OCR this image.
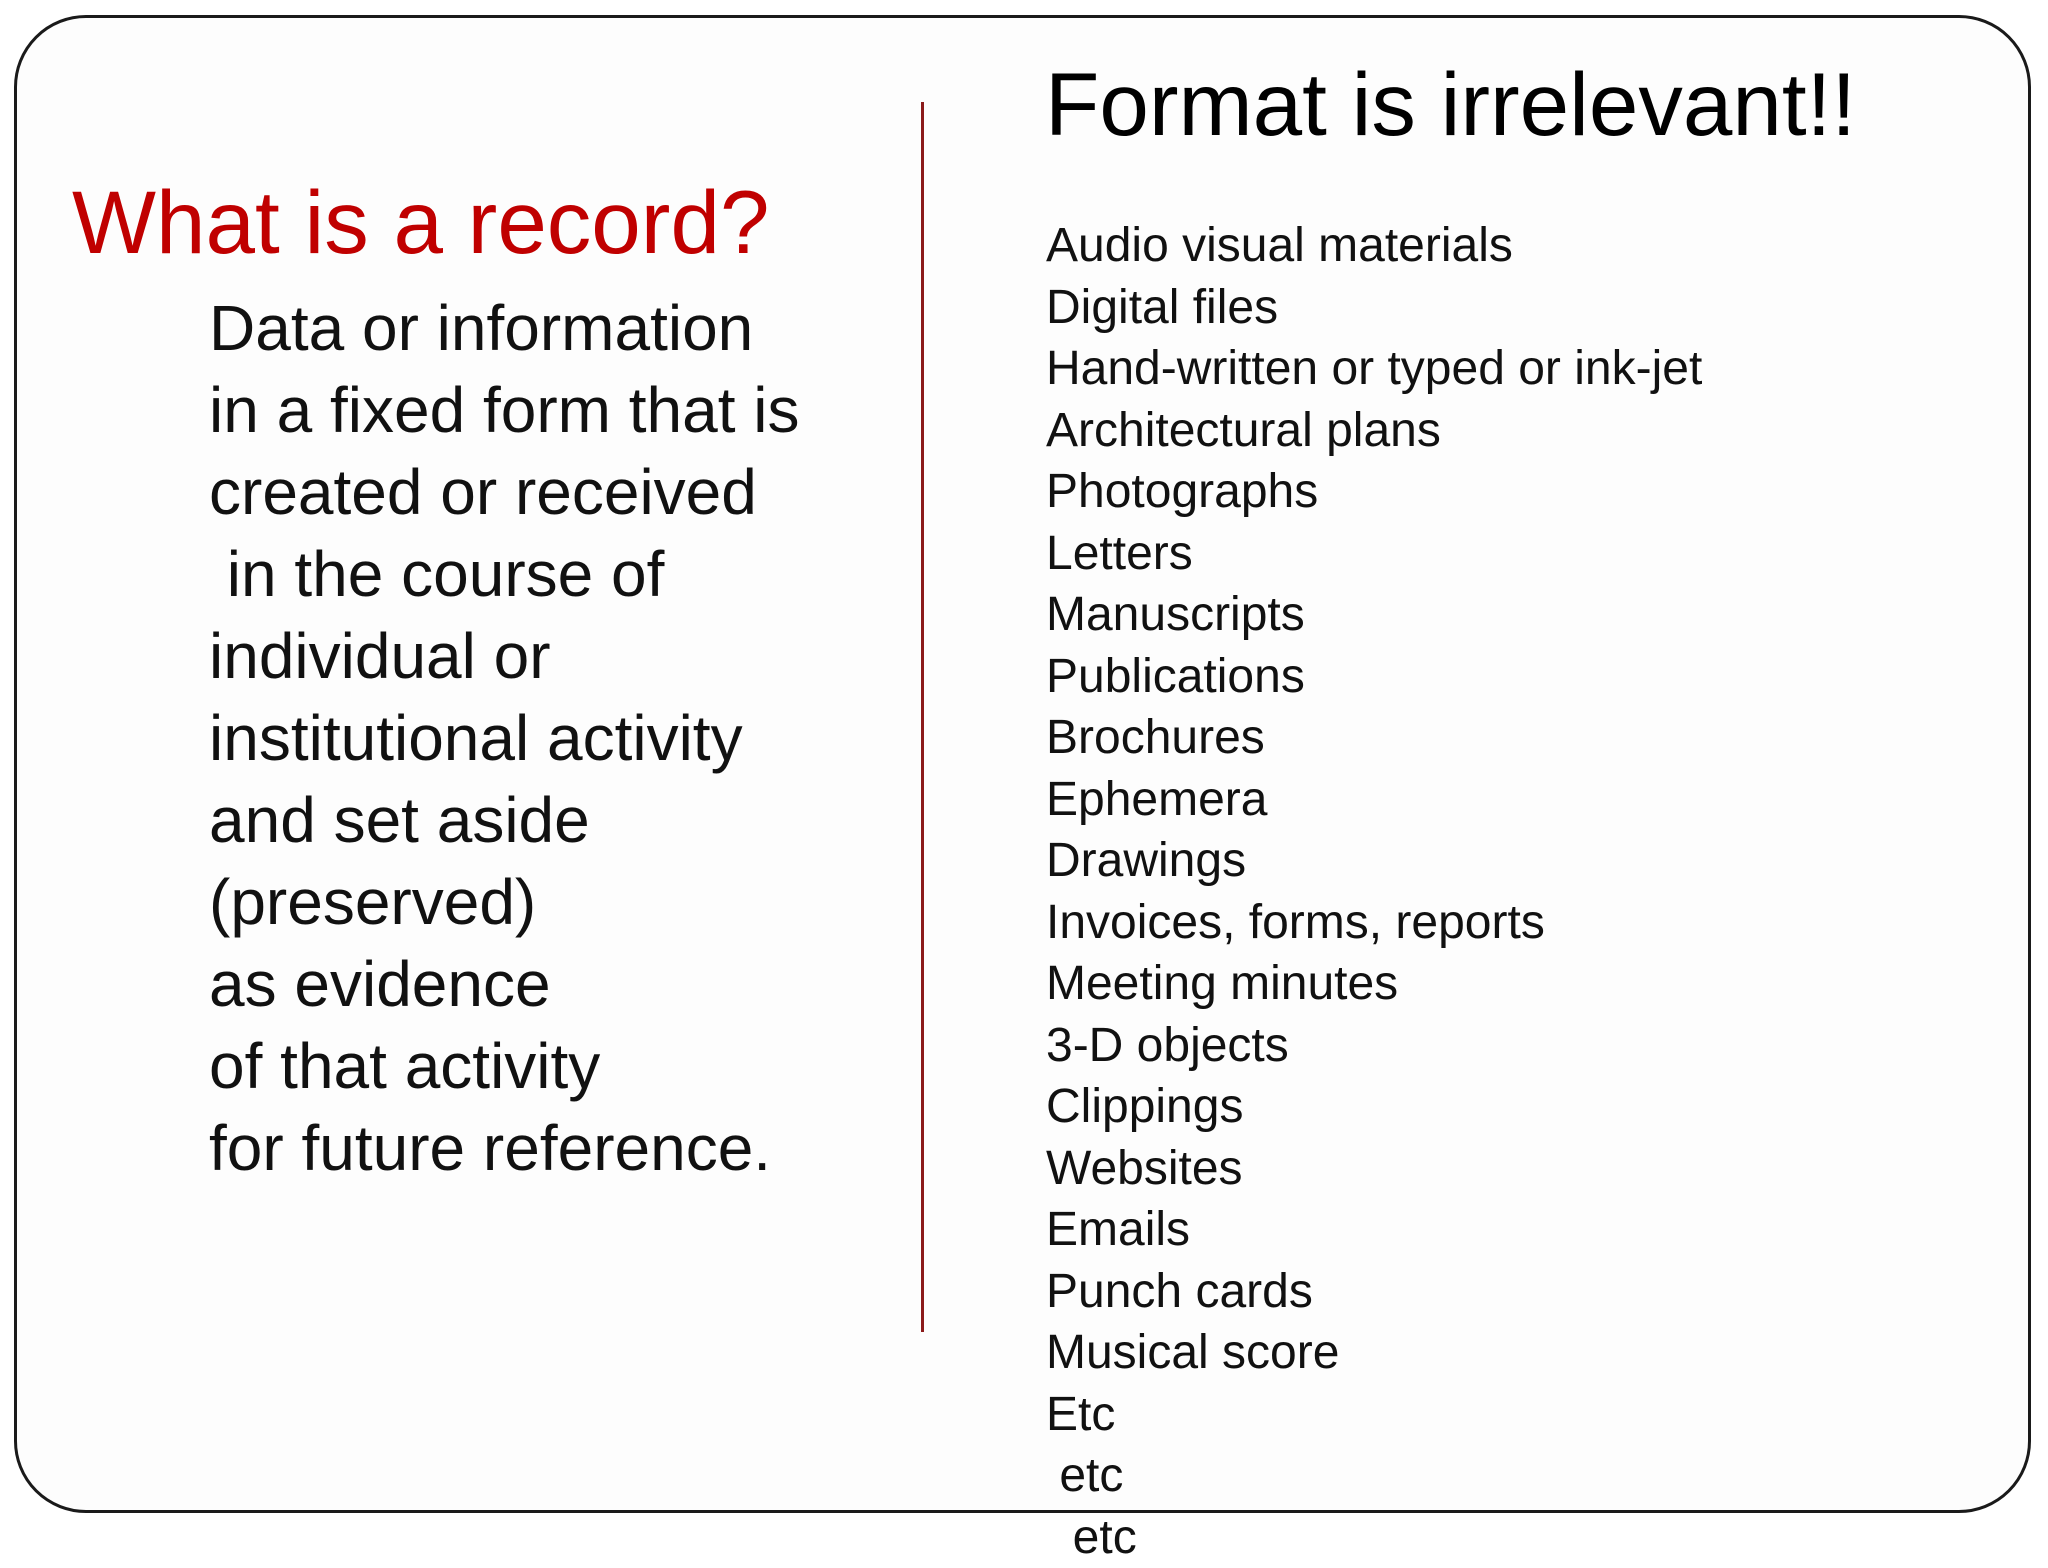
What is a record?
Data or information
in a fixed form that is
created or received
in the course of
individual or
institutional activity
and set aside
(preserved)
as evidence
of that activity
for future reference.
Format is irrelevant!!
Audio visual materials
Digital files
Hand-written or typed or ink-jet
Architectural plans
Photographs
Letters
Manuscripts
Publications
Brochures
Ephemera
Drawings
Invoices, forms, reports
Meeting minutes
3-D objects
Clippings
Websites
Emails
Punch cards
Musical score
Etc
etc
etc
